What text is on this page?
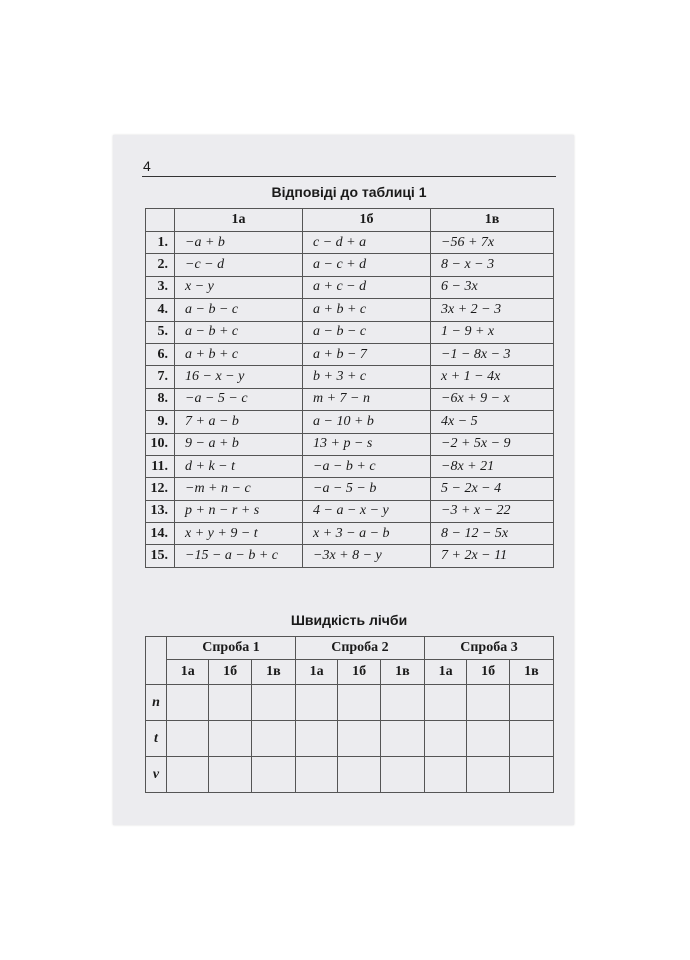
4
Відповіді до таблиці 1
	1а	1б	1в
1.	−a + b	c − d + a	−56 + 7x
2.	−c − d	a − c + d	8 − x − 3
3.	x − y	a + c − d	6 − 3x
4.	a − b − c	a + b + c	3x + 2 − 3
5.	a − b + c	a − b − c	1 − 9 + x
6.	a + b + c	a + b − 7	−1 − 8x − 3
7.	16 − x − y	b + 3 + c	x + 1 − 4x
8.	−a − 5 − c	m + 7 − n	−6x + 9 − x
9.	7 + a − b	a − 10 + b	4x − 5
10.	9 − a + b	13 + p − s	−2 + 5x − 9
11.	d + k − t	−a − b + c	−8x + 21
12.	−m + n − c	−a − 5 − b	5 − 2x − 4
13.	p + n − r + s	4 − a − x − y	−3 + x − 22
14.	x + y + 9 − t	x + 3 − a − b	8 − 12 − 5x
15.	−15 − a − b + c	−3x + 8 − y	7 + 2x − 11
Швидкість лічби
	Спроба 1			Спроба 2			Спроба 3		
	1а	1б	1в	1а	1б	1в	1а	1б	1в
n									
t									
v									
